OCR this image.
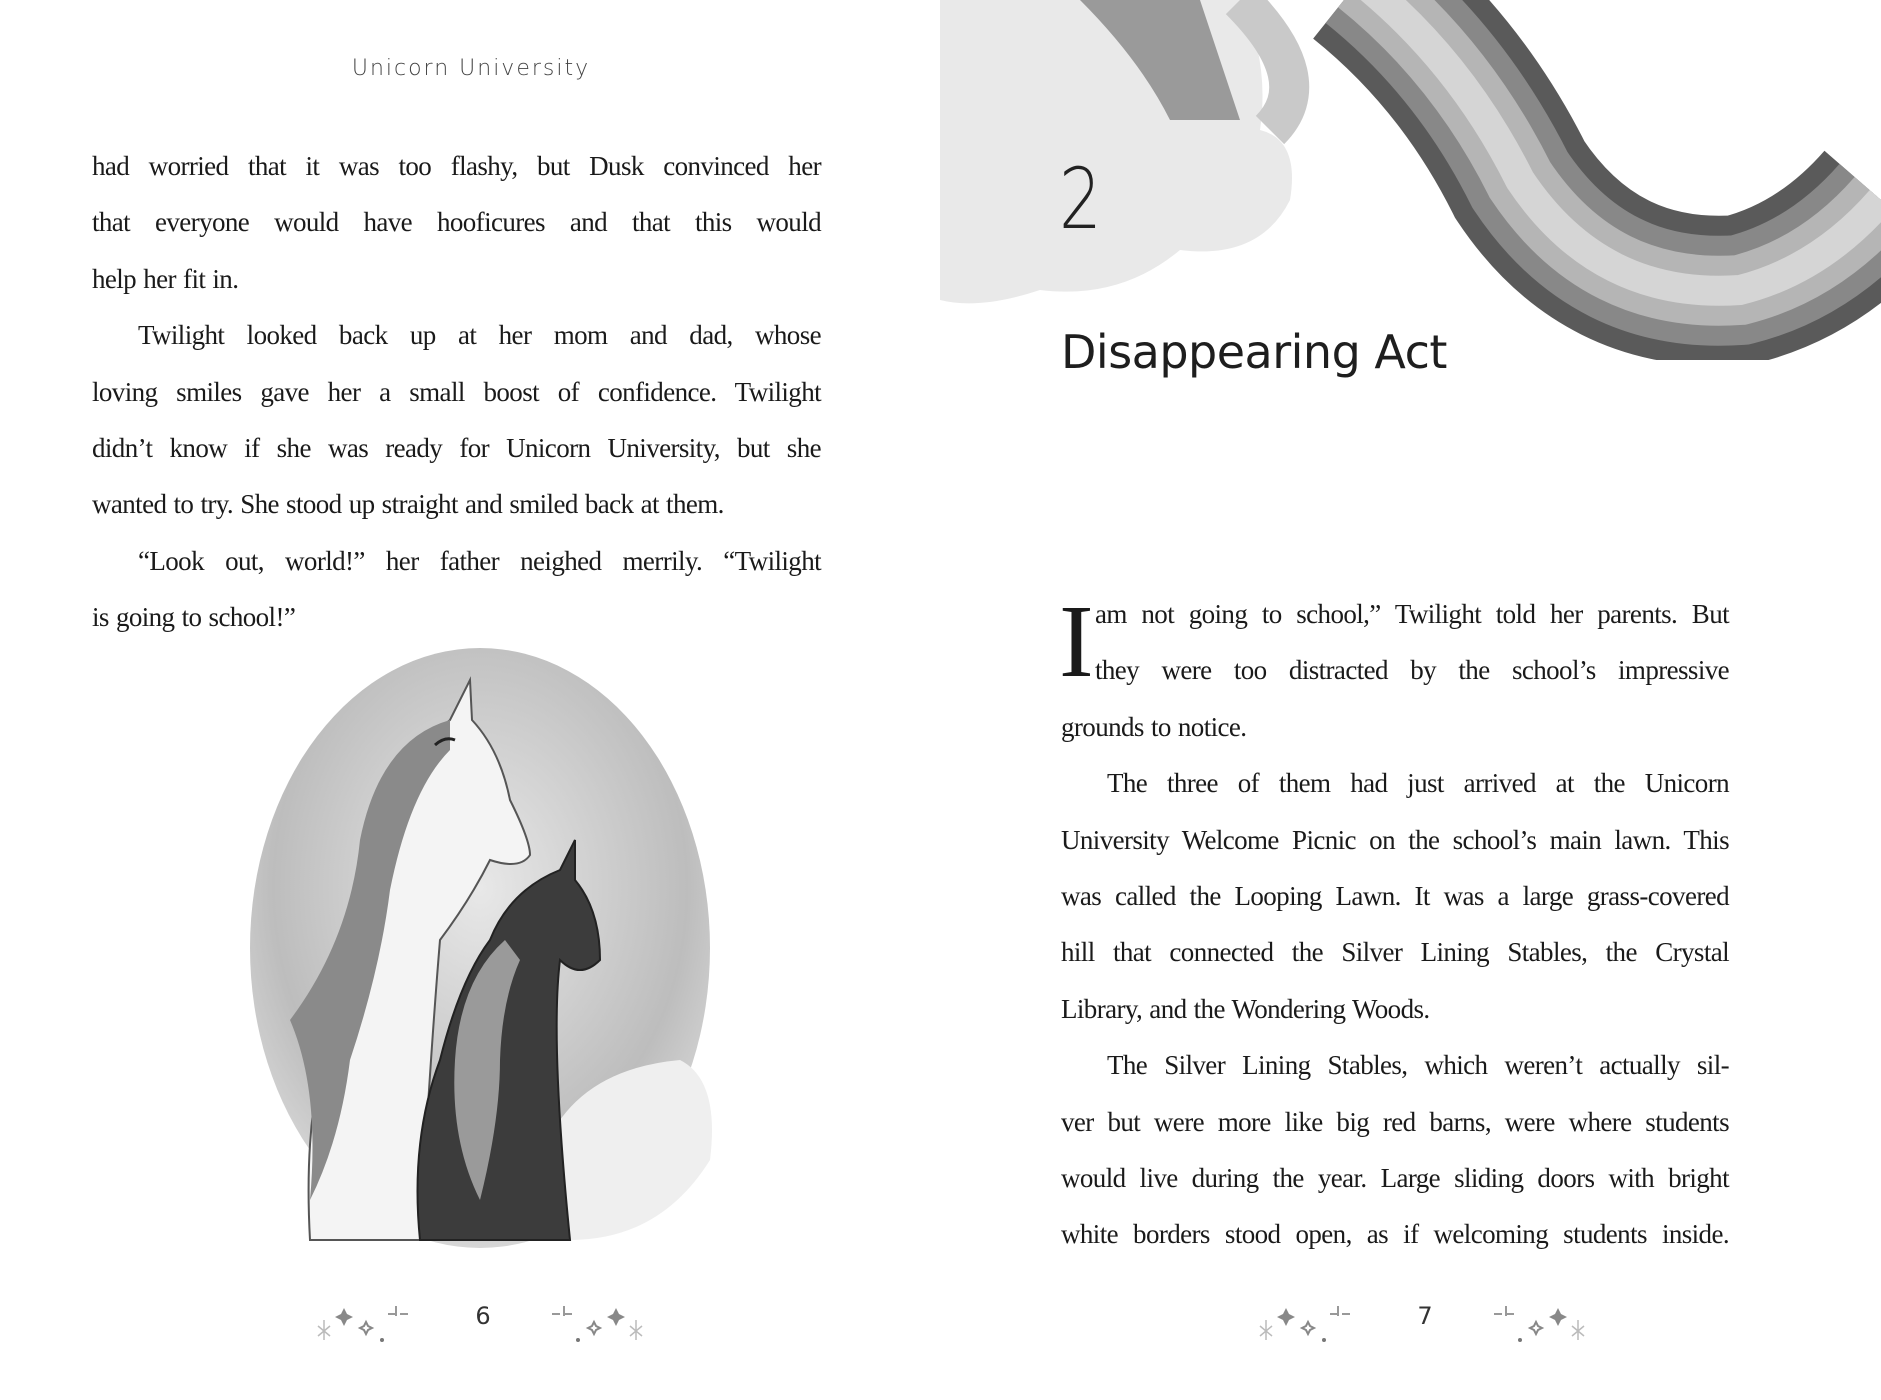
Unicorn University
had worried that it was too flashy, but Dusk convinced her
that everyone would have hooficures and that this would
help her fit in.
Twilight looked back up at her mom and dad, whose
loving smiles gave her a small boost of confidence. Twilight
didn’t know if she was ready for Unicorn University, but she
wanted to try. She stood up straight and smiled back at them.
“Look out, world!” her father neighed merrily. “Twilight
is going to school!”
6
2
Disappearing Act
I am not going to school,” Twilight told her parents. But
they were too distracted by the school’s impressive
grounds to notice.
The three of them had just arrived at the Unicorn
University Welcome Picnic on the school’s main lawn. This
was called the Looping Lawn. It was a large grass-covered
hill that connected the Silver Lining Stables, the Crystal
Library, and the Wondering Woods.
The Silver Lining Stables, which weren’t actually sil-
ver but were more like big red barns, were where students
would live during the year. Large sliding doors with bright
white borders stood open, as if welcoming students inside.
7
